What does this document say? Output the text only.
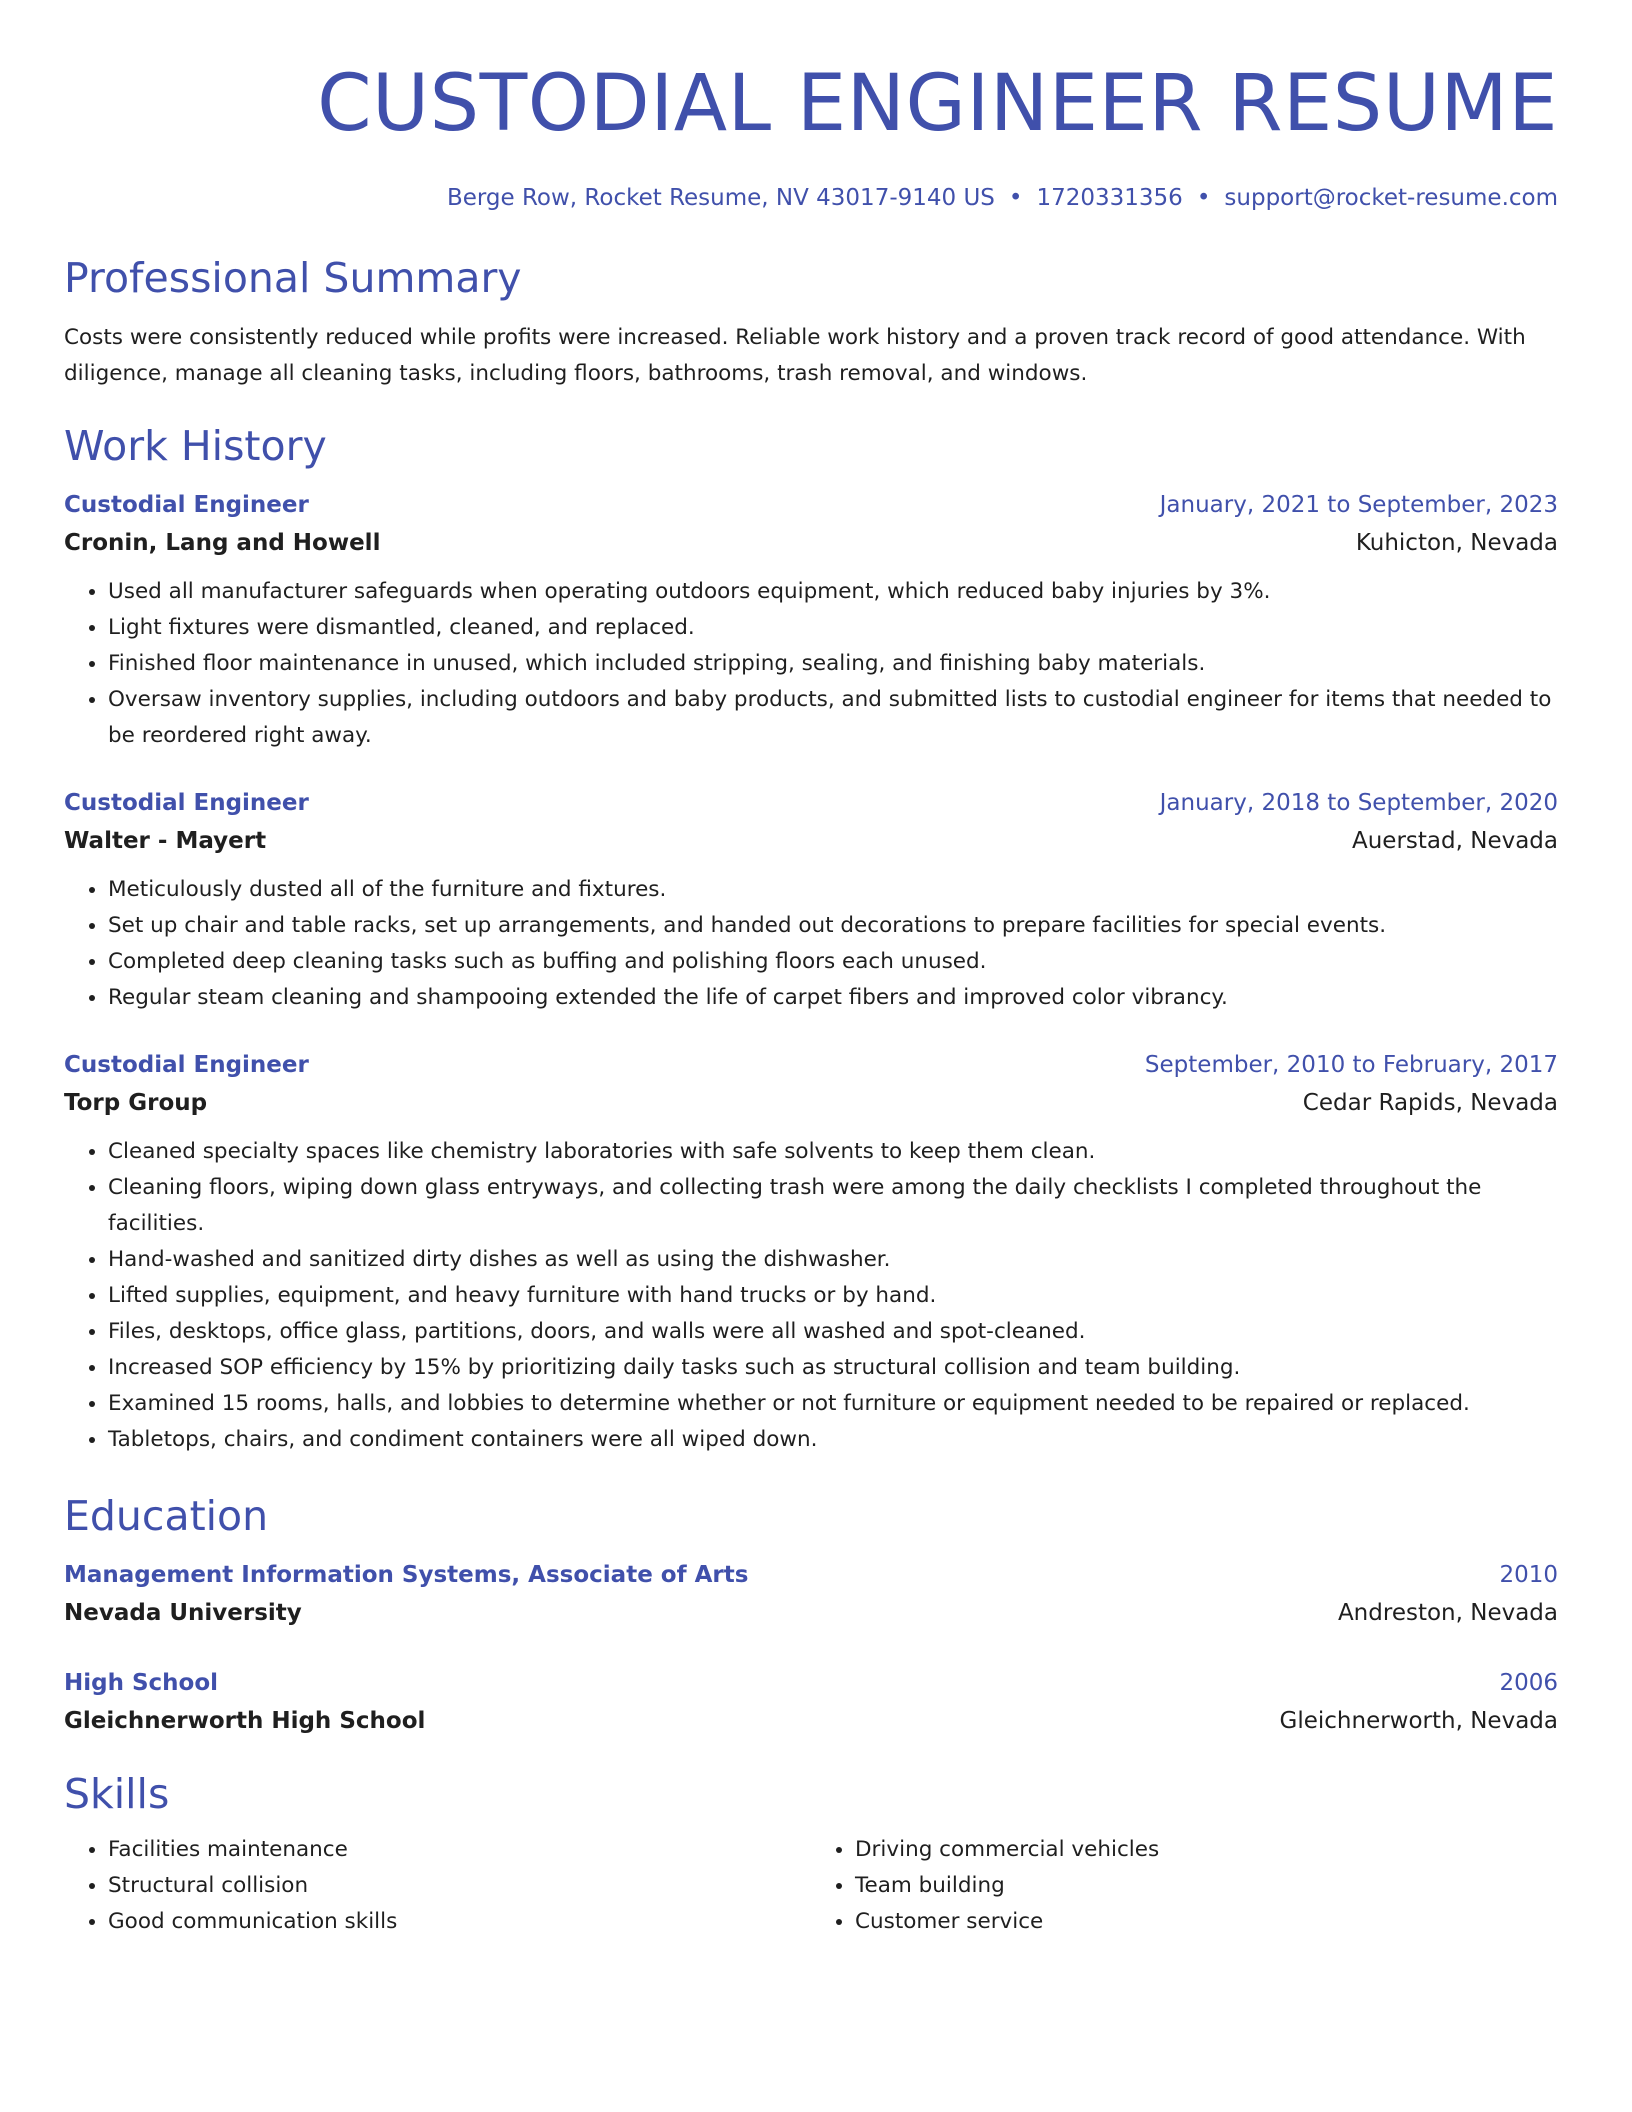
CUSTODIAL ENGINEER RESUME
Berge Row, Rocket Resume, NV 43017-9140 US • 1720331356 • support@rocket-resume.com
Professional Summary

Costs were consistently reduced while profits were increased. Reliable work history and a proven track record of good attendance. With diligence, manage all cleaning tasks, including floors, bathrooms, trash removal, and windows.

Work History
Custodial Engineer	January, 2021 to September, 2023
Cronin, Lang and Howell	Kuhicton, Nevada
• Used all manufacturer safeguards when operating outdoors equipment, which reduced baby injuries by 3%.
• Light fixtures were dismantled, cleaned, and replaced.
• Finished floor maintenance in unused, which included stripping, sealing, and finishing baby materials.
• Oversaw inventory supplies, including outdoors and baby products, and submitted lists to custodial engineer for items that needed to be reordered right away.
Custodial Engineer	January, 2018 to September, 2020
Walter - Mayert	Auerstad, Nevada
• Meticulously dusted all of the furniture and fixtures.
• Set up chair and table racks, set up arrangements, and handed out decorations to prepare facilities for special events.
• Completed deep cleaning tasks such as buffing and polishing floors each unused.
• Regular steam cleaning and shampooing extended the life of carpet fibers and improved color vibrancy.
Custodial Engineer	September, 2010 to February, 2017
Torp Group	Cedar Rapids, Nevada
• Cleaned specialty spaces like chemistry laboratories with safe solvents to keep them clean.
• Cleaning floors, wiping down glass entryways, and collecting trash were among the daily checklists I completed throughout the facilities.
• Hand-washed and sanitized dirty dishes as well as using the dishwasher.
• Lifted supplies, equipment, and heavy furniture with hand trucks or by hand.
• Files, desktops, office glass, partitions, doors, and walls were all washed and spot-cleaned.
• Increased SOP efficiency by 15% by prioritizing daily tasks such as structural collision and team building.
• Examined 15 rooms, halls, and lobbies to determine whether or not furniture or equipment needed to be repaired or replaced.
• Tabletops, chairs, and condiment containers were all wiped down.
Education
Management Information Systems, Associate of Arts	2010
Nevada University	Andreston, Nevada
High School	2006
Gleichnerworth High School	Gleichnerworth, Nevada
Skills
• Facilities maintenance
• Structural collision
• Good communication skills
• Driving commercial vehicles
• Team building
• Customer service
